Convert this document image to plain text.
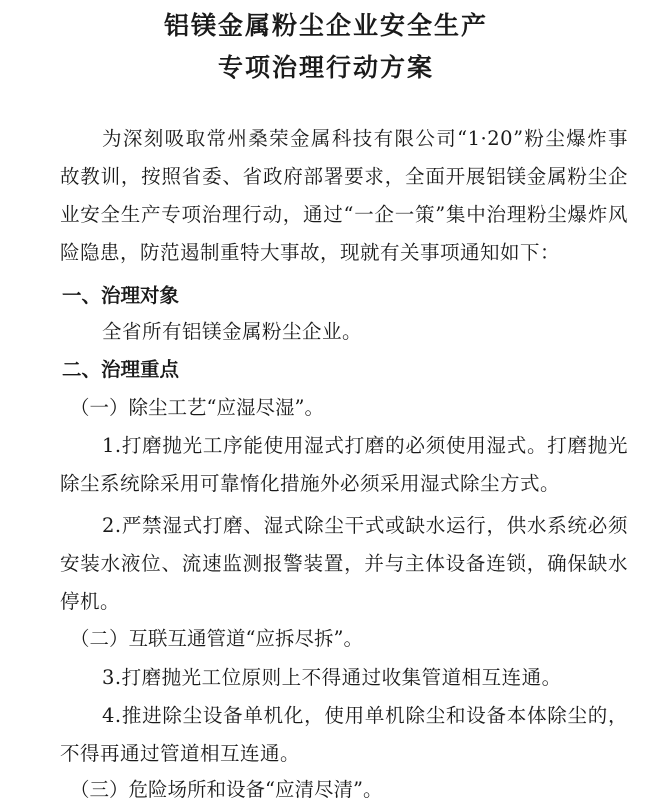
铝镁金属粉尘企业安全生产
专项治理行动方案
为深刻吸取常州桑荣金属科技有限公司“1·20”粉尘爆炸事故教训，按照省委、省政府部署要求，全面开展铝镁金属粉尘企业安全生产专项治理行动，通过“一企一策”集中治理粉尘爆炸风险隐患，防范遏制重特大事故，现就有关事项通知如下：
一、治理对象
全省所有铝镁金属粉尘企业。
二、治理重点
（一）除尘工艺“应湿尽湿”。
1.打磨抛光工序能使用湿式打磨的必须使用湿式。打磨抛光除尘系统除采用可靠惰化措施外必须采用湿式除尘方式。
2.严禁湿式打磨、湿式除尘干式或缺水运行，供水系统必须安装水液位、流速监测报警装置，并与主体设备连锁，确保缺水停机。
（二）互联互通管道“应拆尽拆”。
3.打磨抛光工位原则上不得通过收集管道相互连通。
4.推进除尘设备单机化，使用单机除尘和设备本体除尘的，不得再通过管道相互连通。
（三）危险场所和设备“应清尽清”。
